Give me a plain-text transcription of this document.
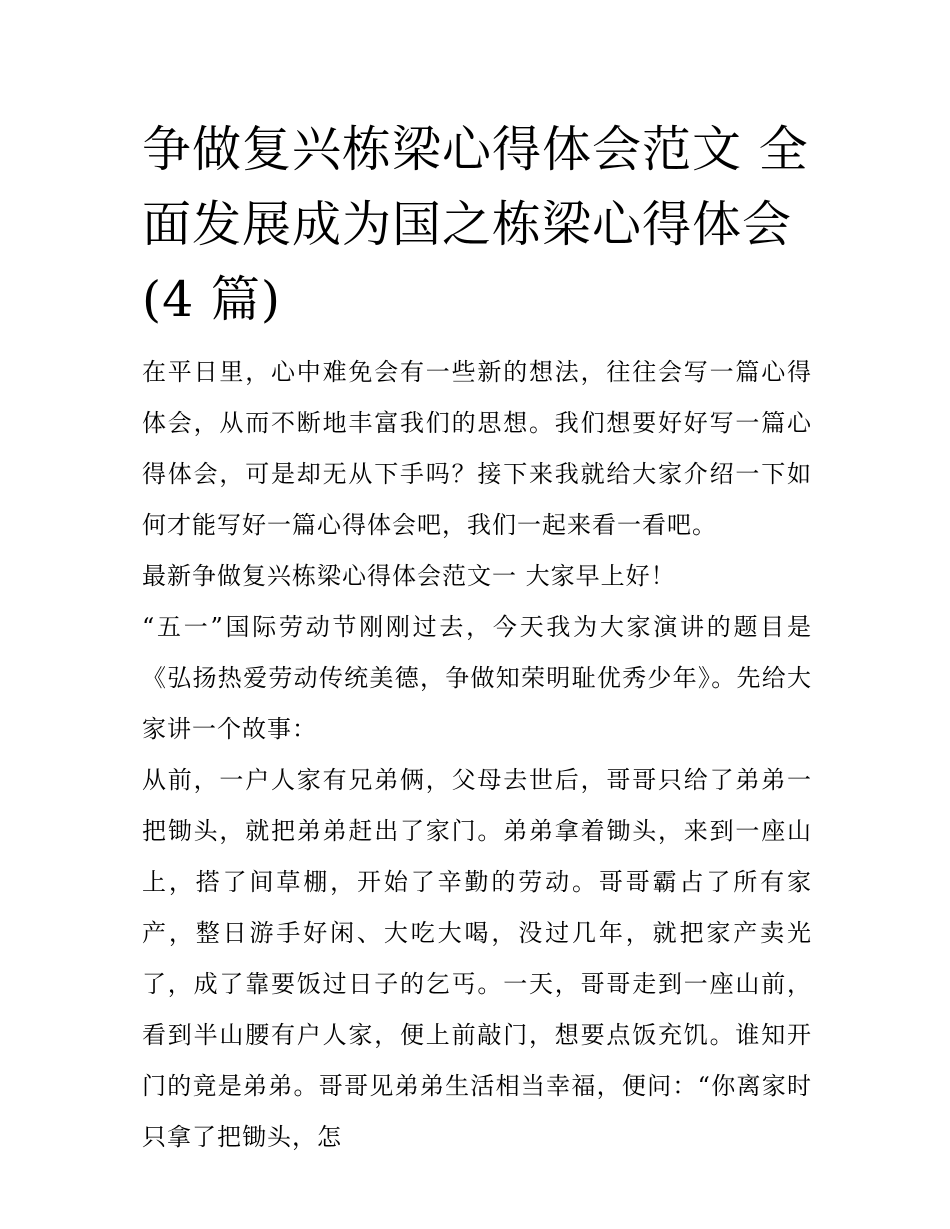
争做复兴栋梁心得体会范文 全面发展成为国之栋梁心得体会(4 篇)

在平日里，心中难免会有一些新的想法，往往会写一篇心得体会，从而不断地丰富我们的思想。我们想要好好写一篇心得体会，可是却无从下手吗？接下来我就给大家介绍一下如何才能写好一篇心得体会吧，我们一起来看一看吧。

最新争做复兴栋梁心得体会范文一 大家早上好！

“五一”国际劳动节刚刚过去，今天我为大家演讲的题目是《弘扬热爱劳动传统美德，争做知荣明耻优秀少年》。先给大家讲一个故事：

从前，一户人家有兄弟俩，父母去世后，哥哥只给了弟弟一把锄头，就把弟弟赶出了家门。弟弟拿着锄头，来到一座山上，搭了间草棚，开始了辛勤的劳动。哥哥霸占了所有家产，整日游手好闲、大吃大喝，没过几年，就把家产卖光了，成了靠要饭过日子的乞丐。一天，哥哥走到一座山前，看到半山腰有户人家，便上前敲门，想要点饭充饥。谁知开门的竟是弟弟。哥哥见弟弟生活相当幸福，便问：“你离家时只拿了把锄头，怎
